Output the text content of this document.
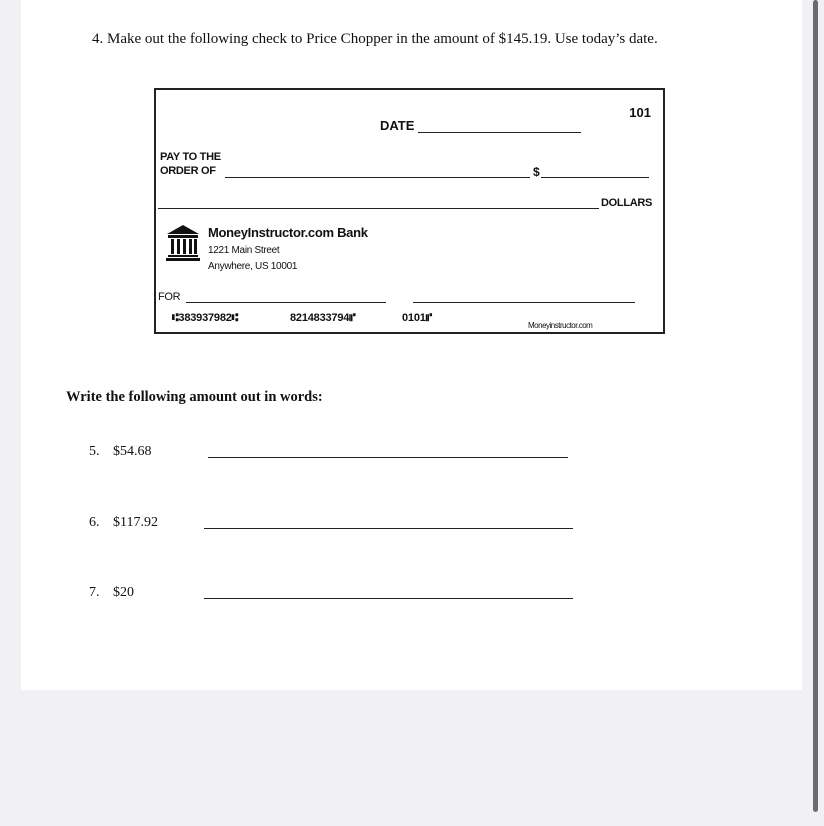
4. Make out the following check to Price Chopper in the amount of $145.19. Use today’s date.
101
DATE
PAY TO THE
ORDER OF	$
DOLLARS
MoneyInstructor.com Bank
1221 Main Street
Anywhere, US 10001
FOR
⑆383937982⑆	8214833794⑈	0101⑈
Moneyinstructor.com
Write the following amount out in words:
5. $54.68
6. $117.92
7. $20
